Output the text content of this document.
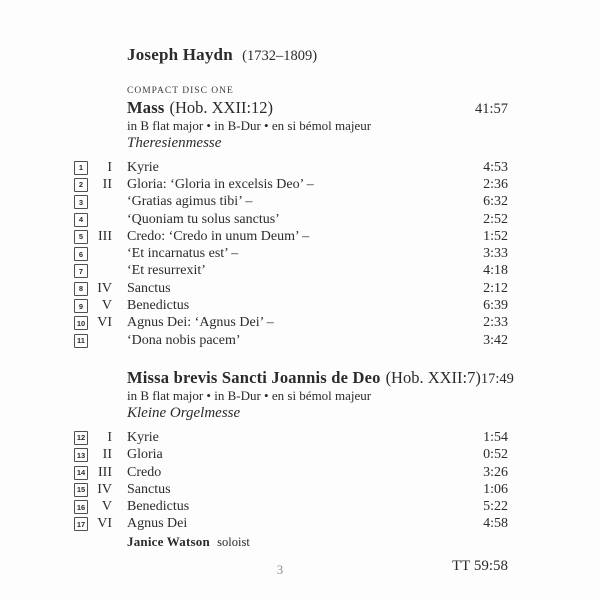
Joseph Haydn (1732–1809)
COMPACT DISC ONE
Mass (Hob. XXII:12)	41:57
in B flat major • in B-Dur • en si bémol majeur
Theresienmesse
1	I	Kyrie	4:53
2	II	Gloria: ‘Gloria in excelsis Deo’ –	2:36
3	‘Gratias agimus tibi’ –	6:32
4	‘Quoniam tu solus sanctus’	2:52
5	III	Credo: ‘Credo in unum Deum’ –	1:52
6	‘Et incarnatus est’ –	3:33
7	‘Et resurrexit’	4:18
8	IV	Sanctus	2:12
9	V	Benedictus	6:39
10 VI	Agnus Dei: ‘Agnus Dei’ –	2:33
11	‘Dona nobis pacem’	3:42
Missa brevis Sancti Joannis de Deo (Hob. XXII:7) 17:49
in B flat major • in B-Dur • en si bémol majeur
Kleine Orgelmesse
12	I	Kyrie	1:54
13	II	Gloria	0:52
14 III	Credo	3:26
15 IV	Sanctus	1:06
16	V	Benedictus	5:22
17 VI	Agnus Dei	4:58
Janice Watson soloist
TT 59:58
3
